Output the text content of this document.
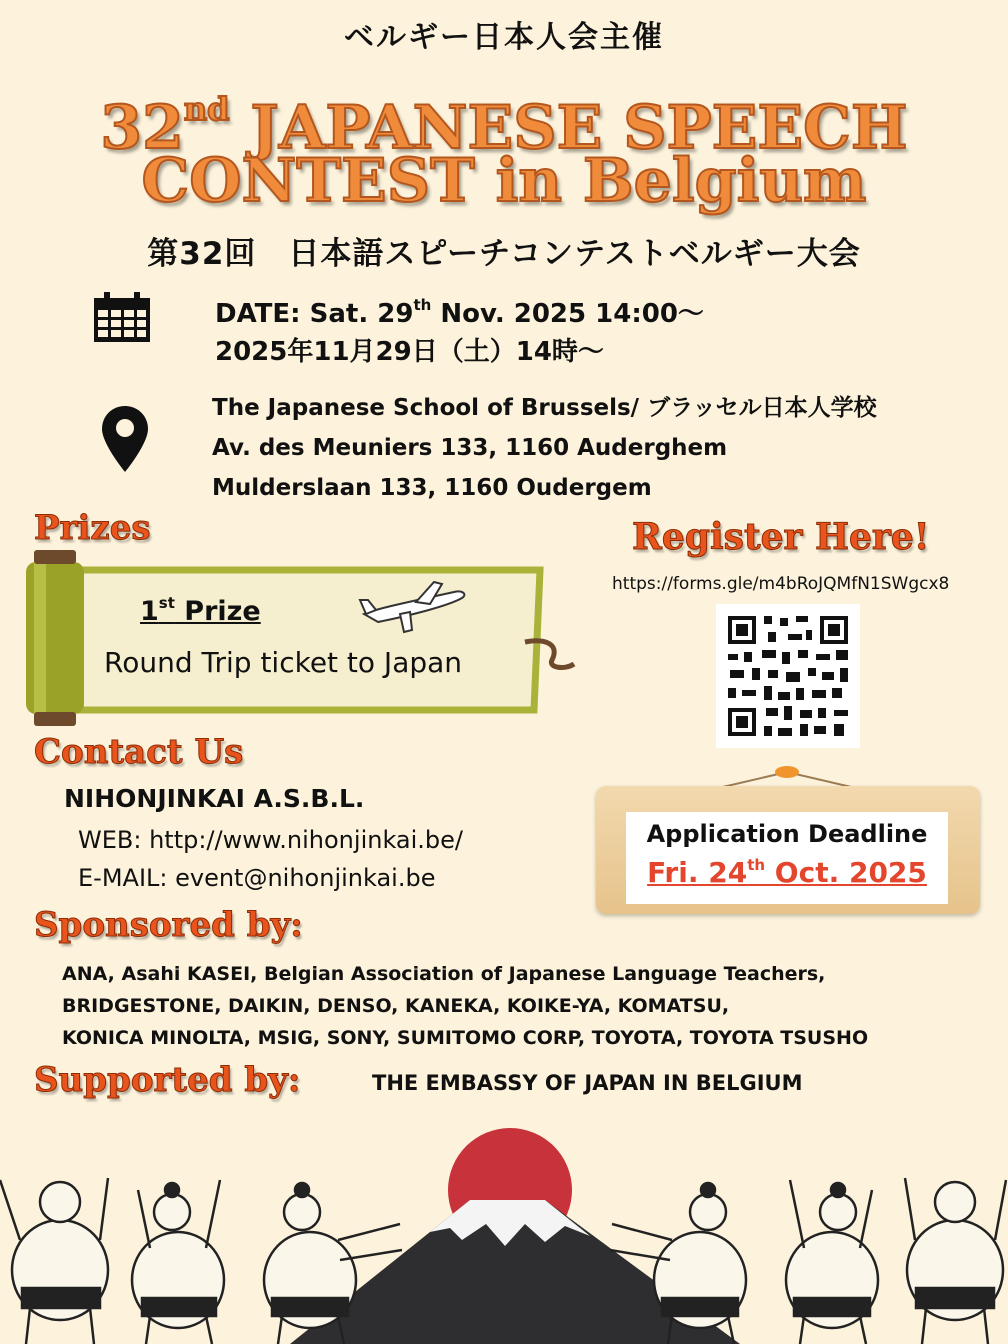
ベルギー日本人会主催
32nd JAPANESE SPEECH
CONTEST in Belgium
第32回　日本語スピーチコンテストベルギー大会
DATE: Sat. 29th Nov. 2025 14:00～
2025年11月29日（土）14時～
The Japanese School of Brussels/ ブラッセル日本人学校
Av. des Meuniers 133, 1160 Auderghem
Mulderslaan 133, 1160 Oudergem
Prizes
1st Prize
Round Trip ticket to Japan
Register Here!
https://forms.gle/m4bRoJQMfN1SWgcx8
Contact Us
NIHONJINKAI A.S.B.L.
WEB: http://www.nihonjinkai.be/
E-MAIL: event@nihonjinkai.be
Application Deadline
Fri. 24th Oct. 2025
Sponsored by:
ANA, Asahi KASEI, Belgian Association of Japanese Language Teachers,
BRIDGESTONE, DAIKIN, DENSO, KANEKA, KOIKE-YA, KOMATSU,
KONICA MINOLTA, MSIG, SONY, SUMITOMO CORP, TOYOTA, TOYOTA TSUSHO
Supported by:	THE EMBASSY OF JAPAN IN BELGIUM
